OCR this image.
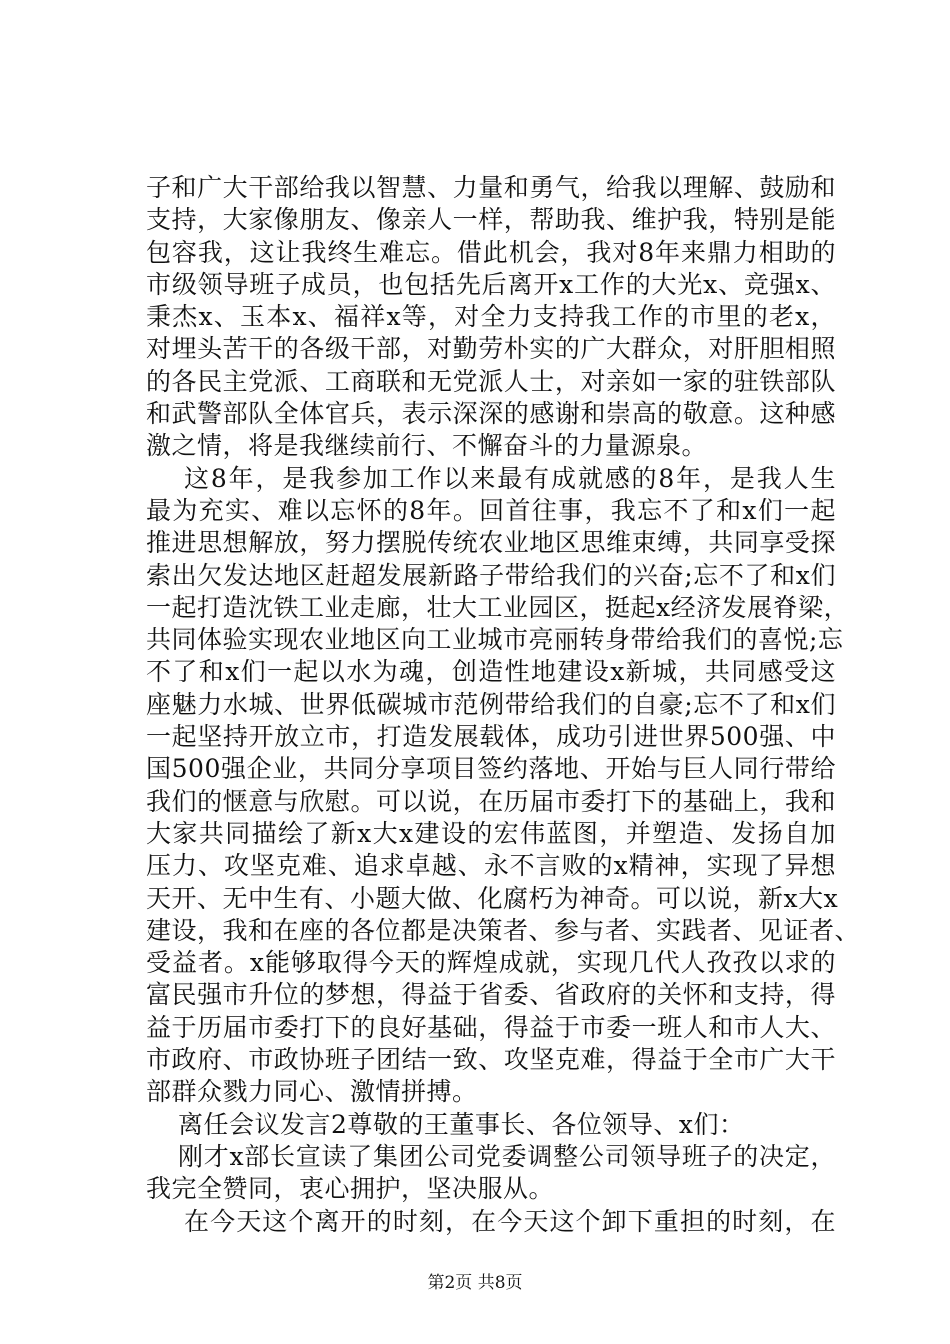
子和广大干部给我以智慧、力量和勇气，给我以理解、鼓励和
支持，大家像朋友、像亲人一样，帮助我、维护我，特别是能
包容我，这让我终生难忘。借此机会，我对8年来鼎力相助的
市级领导班子成员，也包括先后离开x工作的大光x、竞强x、
秉杰x、玉本x、福祥x等，对全力支持我工作的市里的老x，
对埋头苦干的各级干部，对勤劳朴实的广大群众，对肝胆相照
的各民主党派、工商联和无党派人士，对亲如一家的驻铁部队
和武警部队全体官兵，表示深深的感谢和崇高的敬意。这种感
激之情，将是我继续前行、不懈奋斗的力量源泉。
这8年，是我参加工作以来最有成就感的8年，是我人生
最为充实、难以忘怀的8年。回首往事，我忘不了和x们一起
推进思想解放，努力摆脱传统农业地区思维束缚，共同享受探
索出欠发达地区赶超发展新路子带给我们的兴奋;忘不了和x们
一起打造沈铁工业走廊，壮大工业园区，挺起x经济发展脊梁，
共同体验实现农业地区向工业城市亮丽转身带给我们的喜悦;忘
不了和x们一起以水为魂，创造性地建设x新城，共同感受这
座魅力水城、世界低碳城市范例带给我们的自豪;忘不了和x们
一起坚持开放立市，打造发展载体，成功引进世界500强、中
国500强企业，共同分享项目签约落地、开始与巨人同行带给
我们的惬意与欣慰。可以说，在历届市委打下的基础上，我和
大家共同描绘了新x大x建设的宏伟蓝图，并塑造、发扬自加
压力、攻坚克难、追求卓越、永不言败的x精神，实现了异想
天开、无中生有、小题大做、化腐朽为神奇。可以说，新x大x
建设，我和在座的各位都是决策者、参与者、实践者、见证者、
受益者。x能够取得今天的辉煌成就，实现几代人孜孜以求的
富民强市升位的梦想，得益于省委、省政府的关怀和支持，得
益于历届市委打下的良好基础，得益于市委一班人和市人大、
市政府、市政协班子团结一致、攻坚克难，得益于全市广大干
部群众戮力同心、激情拼搏。
离任会议发言2尊敬的王董事长、各位领导、x们：
刚才x部长宣读了集团公司党委调整公司领导班子的决定，
我完全赞同，衷心拥护，坚决服从。
在今天这个离开的时刻，在今天这个卸下重担的时刻，在
第2页 共8页
